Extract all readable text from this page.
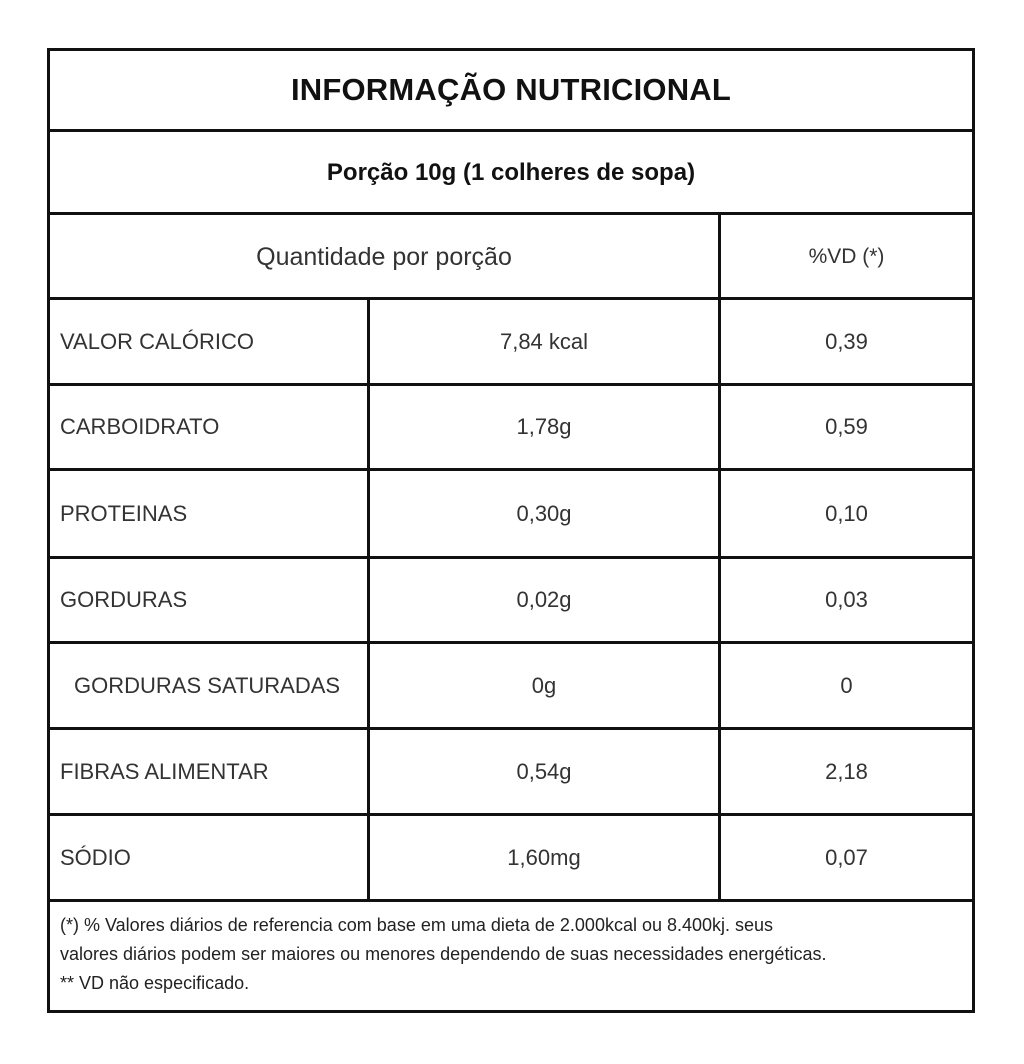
INFORMAÇÃO NUTRICIONAL
Porção 10g (1 colheres de sopa)
Quantidade por porção	%VD (*)
VALOR CALÓRICO	7,84 kcal	0,39
CARBOIDRATO	1,78g	0,59
PROTEINAS	0,30g	0,10
GORDURAS	0,02g	0,03
GORDURAS SATURADAS	0g	0
FIBRAS ALIMENTAR	0,54g	2,18
SÓDIO	1,60mg	0,07
(*) % Valores diários de referencia com base em uma dieta de 2.000kcal ou 8.400kj. seus
valores diários podem ser maiores ou menores dependendo de suas necessidades energéticas.
** VD não especificado.
